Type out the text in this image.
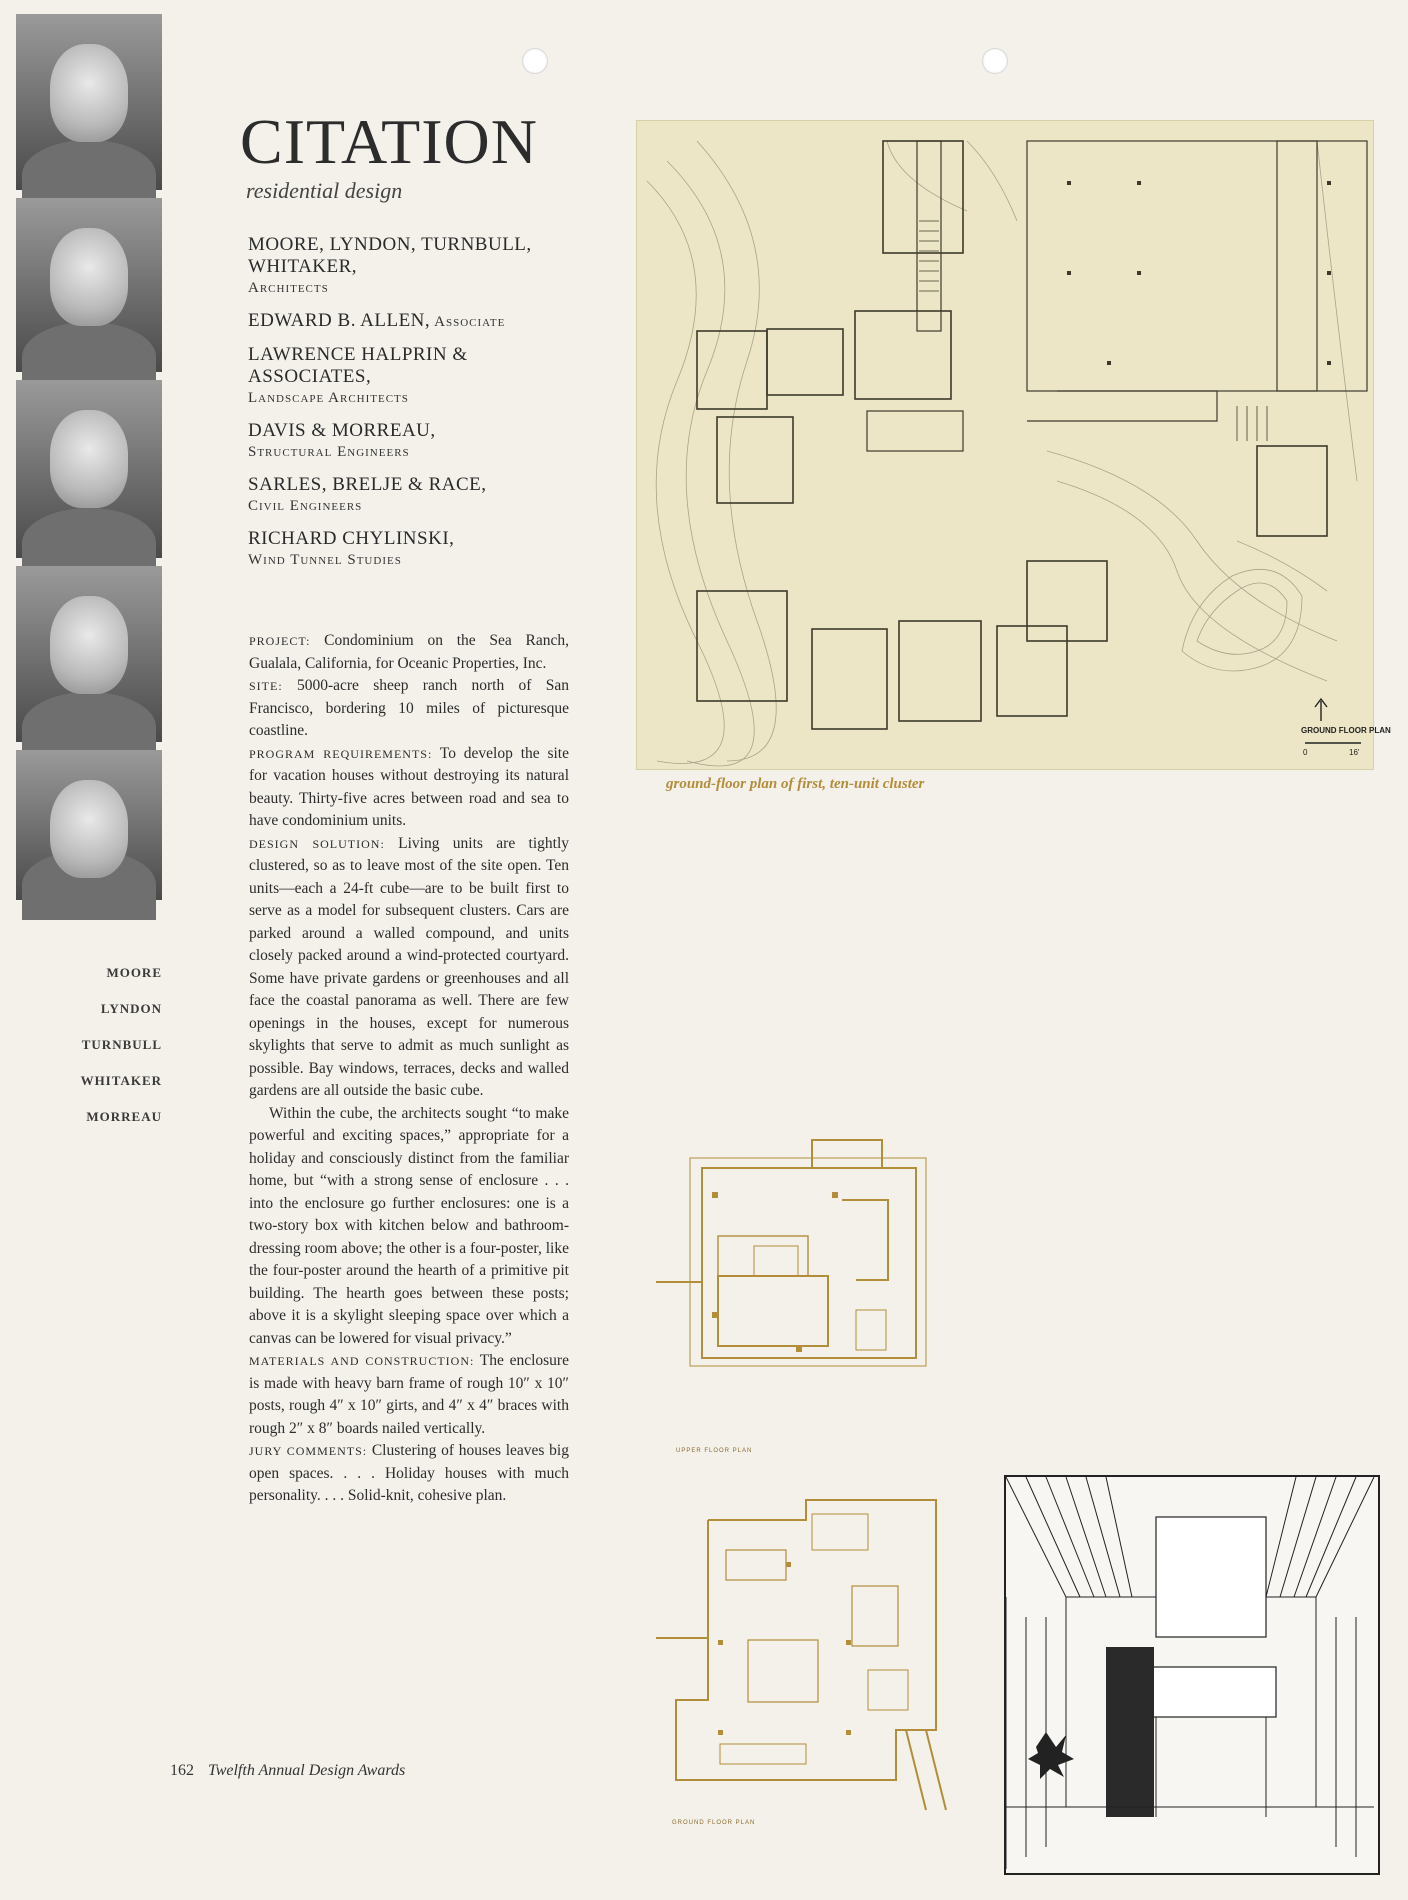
MOORE
LYNDON
TURNBULL
WHITAKER
MORREAU
CITATION
residential design
MOORE, LYNDON, TURNBULL, WHITAKER,
Architects
EDWARD B. ALLEN, Associate
LAWRENCE HALPRIN & ASSOCIATES,
Landscape Architects
DAVIS & MORREAU,
Structural Engineers
SARLES, BRELJE & RACE,
Civil Engineers
RICHARD CHYLINSKI,
Wind Tunnel Studies

PROJECT: Condominium on the Sea Ranch, Gualala, California, for Oceanic Properties, Inc.

SITE: 5000-acre sheep ranch north of San Francisco, bordering 10 miles of picturesque coastline.

PROGRAM REQUIREMENTS: To develop the site for vacation houses without destroying its natural beauty. Thirty-five acres between road and sea to have condominium units.

DESIGN SOLUTION: Living units are tightly clustered, so as to leave most of the site open. Ten units—each a 24-ft cube—are to be built first to serve as a model for subsequent clusters. Cars are parked around a walled compound, and units closely packed around a wind-protected courtyard. Some have private gardens or greenhouses and all face the coastal panorama as well. There are few openings in the houses, except for numerous skylights that serve to admit as much sunlight as possible. Bay windows, terraces, decks and walled gardens are all outside the basic cube.

Within the cube, the architects sought “to make powerful and exciting spaces,” appropriate for a holiday and consciously distinct from the familiar home, but “with a strong sense of enclosure . . . into the enclosure go further enclosures: one is a two-story box with kitchen below and bathroom-dressing room above; the other is a four-poster, like the four-poster around the hearth of a primitive pit building. The hearth goes between these posts; above it is a skylight sleeping space over which a canvas can be lowered for visual privacy.”

MATERIALS AND CONSTRUCTION: The enclosure is made with heavy barn frame of rough 10″ x 10″ posts, rough 4″ x 10″ girts, and 4″ x 4″ braces with rough 2″ x 8″ boards nailed vertically.

JURY COMMENTS: Clustering of houses leaves big open spaces. . . . Holiday houses with much personality. . . . Solid-knit, cohesive plan.

162 Twelfth Annual Design Awards
GROUND FLOOR PLAN
0	16'
ground-floor plan of first, ten-unit cluster
UPPER FLOOR PLAN
GROUND FLOOR PLAN
